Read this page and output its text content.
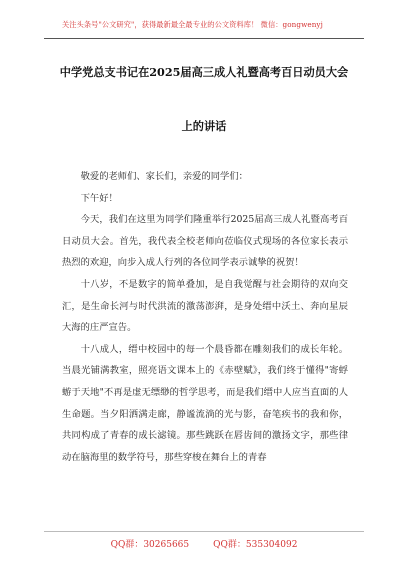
关注头条号"公文研究"，获得最新最全最专业的公文资料库！ 微信：gongwenyj
中学党总支书记在2025届高三成人礼暨高考百日动员大会
上的讲话

敬爱的老师们、家长们，亲爱的同学们：

下午好！

今天，我们在这里为同学们隆重举行2025届高三成人礼暨高考百日动员大会。首先，我代表全校老师向莅临仪式现场的各位家长表示热烈的欢迎，向步入成人行列的各位同学表示诚挚的祝贺！

十八岁，不是数字的简单叠加，是自我觉醒与社会期待的双向交汇，是生命长河与时代洪流的激荡澎湃，是身处缙中沃土、奔向星辰大海的庄严宣告。

十八成人，缙中校园中的每一个晨昏都在雕刻我们的成长年轮。当晨光铺满教室，照亮语文课本上的《赤壁赋》，我们终于懂得"寄蜉蝣于天地"不再是虚无缥缈的哲学思考，而是我们缙中人应当直面的人生命题。当夕阳洒满走廊，静谧流淌的光与影，奋笔疾书的我和你，共同构成了青春的成长滤镜。那些跳跃在唇齿间的激扬文字，那些律动在脑海里的数学符号，那些穿梭在舞台上的青春

QQ群：30265665	QQ群：535304092
